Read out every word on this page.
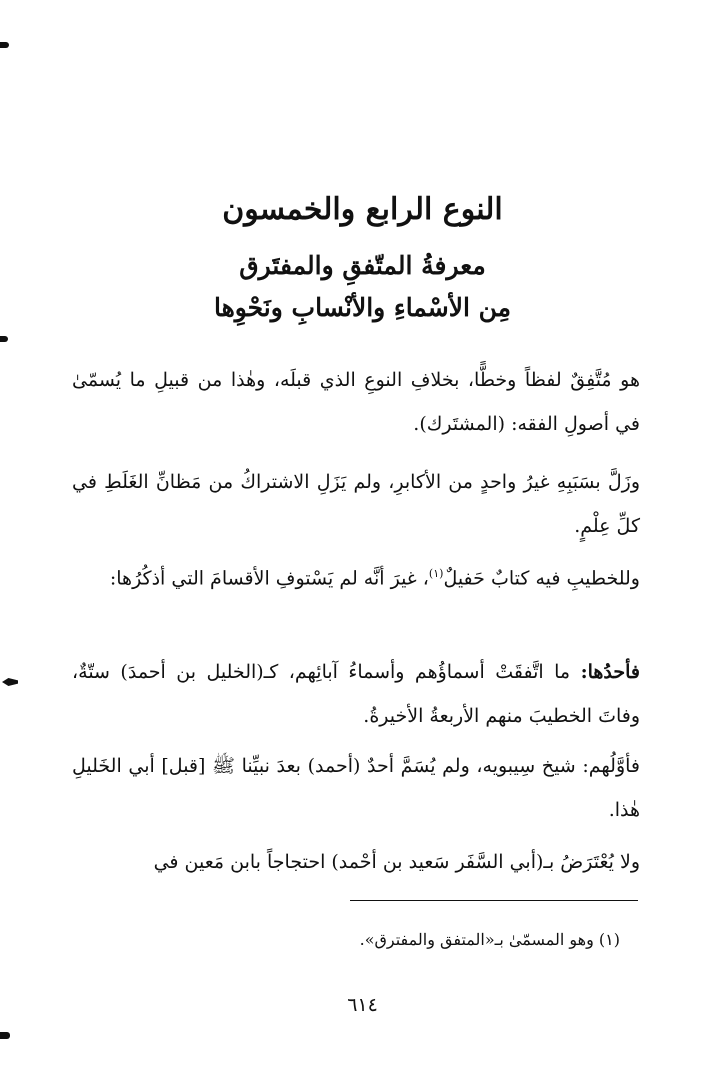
النوع الرابع والخمسون
معرفةُ المتّفقِ والمفتَرق
مِن الأسْماءِ والأنْسابِ ونَحْوِها

هو مُتَّفِقٌ لفظاً وخطًّا، بخلافِ النوعِ الذي قبلَه، وهٰذا من قبيلِ ما يُسمّىٰ في أصولِ الفقه: (المشتَرك).

وزَلَّ بسَبَبِهِ غيرُ واحدٍ من الأكابرِ، ولم يَزَلِ الاشتراكُ من مَظانِّ الغَلَطِ في كلِّ عِلْمٍ.

وللخطيبِ فيه كتابٌ حَفيلٌ$^{(١)}$، غيرَ أنَّه لم يَسْتوفِ الأقسامَ التي أذكُرُها:

فأحدُها: ما اتَّفقَتْ أسماؤُهم وأسماءُ آبائِهم، كـ(الخليل بن أحمدَ) ستّةٌ، وفاتَ الخطيبَ منهم الأربعةُ الأخيرةُ.

فأوَّلُهم: شيخ سِيبويه، ولم يُسَمَّ أحدٌ (أحمد) بعدَ نبيِّنا ﷺ [قبل] أبي الخَليلِ هٰذا.

ولا يُعْتَرَضُ بـ(أبي السَّفَر سَعيد بن أحْمد) احتجاجاً بابن مَعين في

(١) وهو المسمّىٰ بـ«المتفق والمفترق».

٦١٤
